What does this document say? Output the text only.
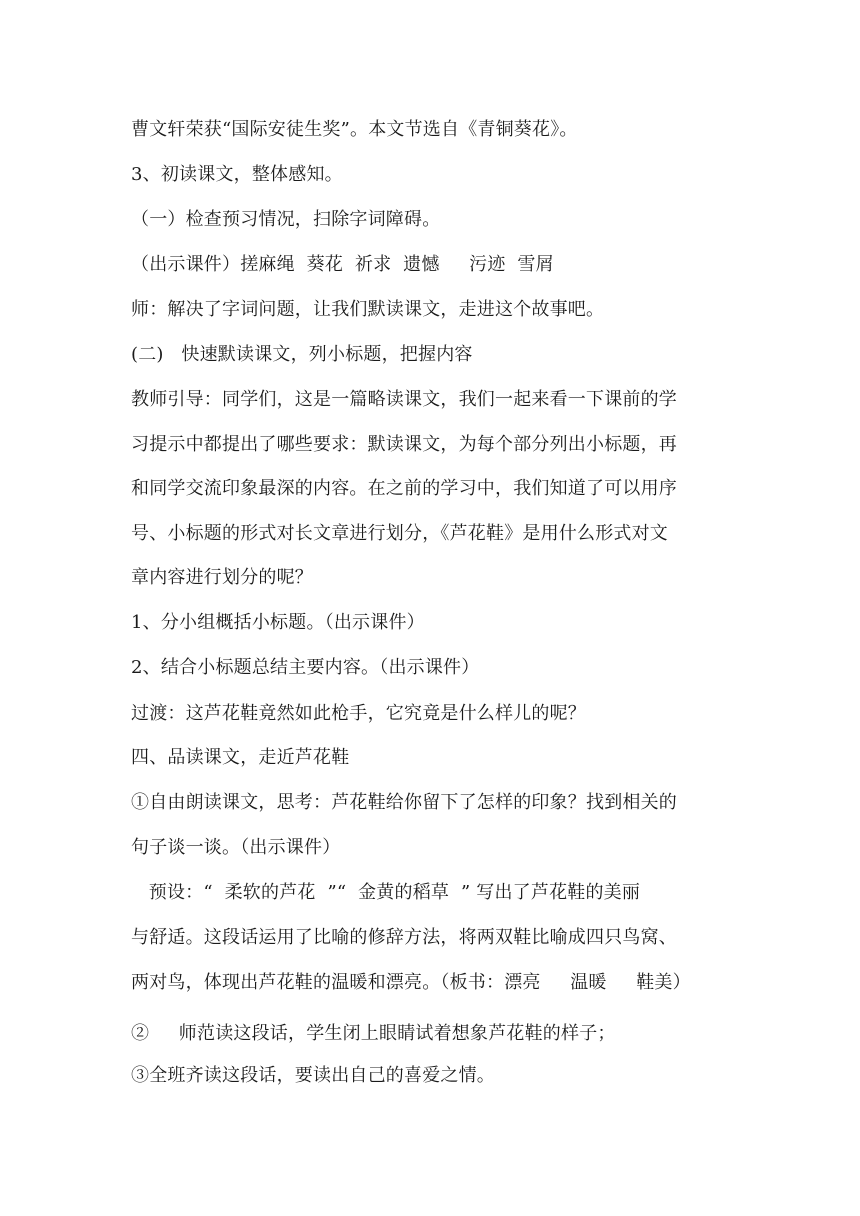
曹文轩荣获“国际安徒生奖”。本文节选自《青铜葵花》。
3、初读课文，整体感知。
（一）检查预习情况，扫除字词障碍。
（出示课件）搓麻绳  葵花  祈求  遗憾     污迹  雪屑
师：解决了字词问题，让我们默读课文，走进这个故事吧。
(二)   快速默读课文，列小标题，把握内容
教师引导：同学们，这是一篇略读课文，我们一起来看一下课前的学
习提示中都提出了哪些要求：默读课文，为每个部分列出小标题，再
和同学交流印象最深的内容。在之前的学习中，我们知道了可以用序
号、小标题的形式对长文章进行划分，《芦花鞋》是用什么形式对文
章内容进行划分的呢？
1、分小组概括小标题。（出示课件）
2、结合小标题总结主要内容。（出示课件）
过渡：这芦花鞋竟然如此枪手，它究竟是什么样儿的呢？
四、品读课文，走近芦花鞋
①自由朗读课文，思考：芦花鞋给你留下了怎样的印象？找到相关的
句子谈一谈。（出示课件）
预设：“  柔软的芦花  ”“  金黄的稻草  ” 写出了芦花鞋的美丽
与舒适。这段话运用了比喻的修辞方法，将两双鞋比喻成四只鸟窝、
两对鸟，体现出芦花鞋的温暖和漂亮。（板书：漂亮     温暖     鞋美）
②     师范读这段话，学生闭上眼睛试着想象芦花鞋的样子；
③全班齐读这段话，要读出自己的喜爱之情。
